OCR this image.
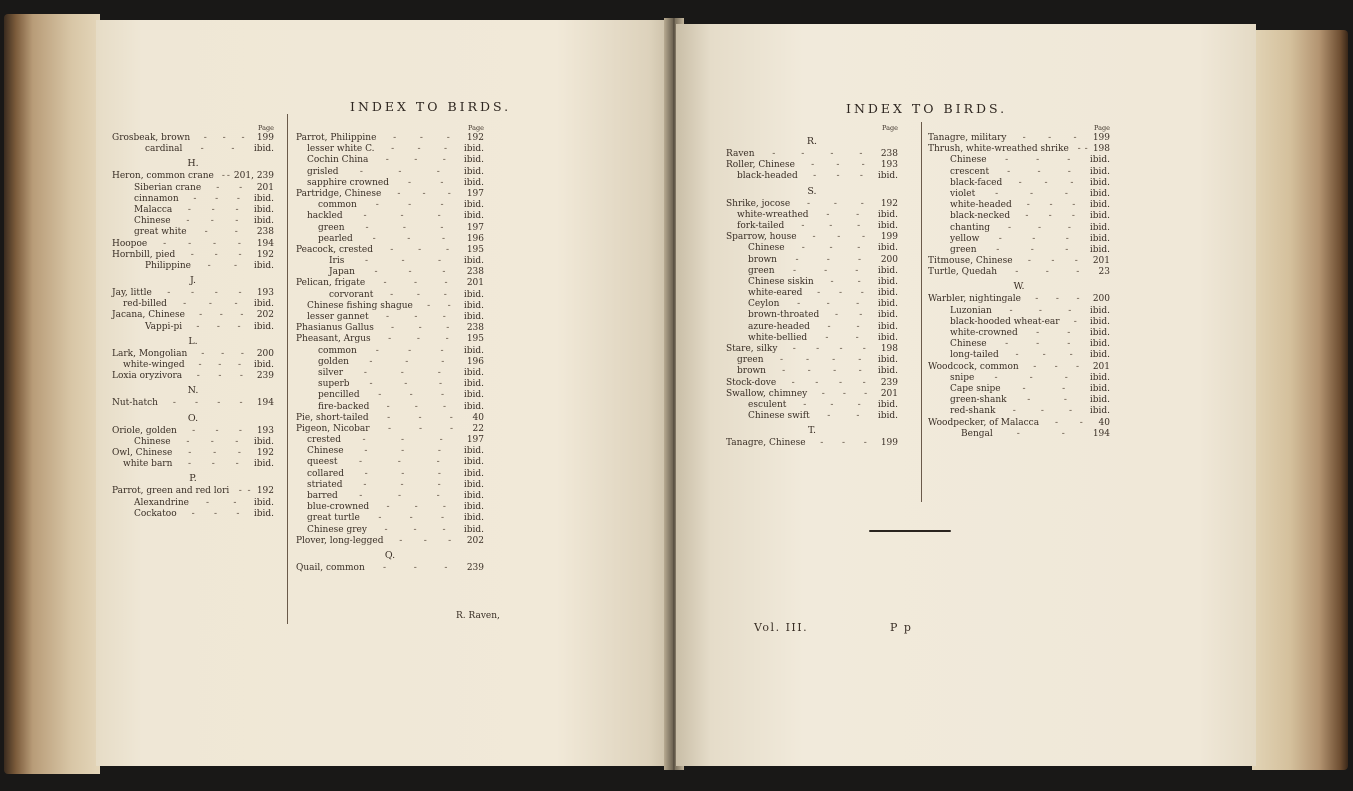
INDEX TO BIRDS.
Page
Grosbeak, brown	199
-
-
-
cardinal	ibid.
-
-
H.
Heron, common crane 201, 239
-
-
Siberian crane	201
-
-
cinnamon	ibid.
-
-
-
Malacca	ibid.
-
-
-
Chinese	ibid.
-
-
-
great white	238
-
-
Hoopoe	194
-
-
-
-
Hornbill, pied	192
-
-
-
Philippine	ibid.
-
-
J.
Jay, little	193
-
-
-
-
red-billed	ibid.
-
-
-
Jacana, Chinese	202
-
-
-
Vappi-pi	ibid.
-
-
-
L.
Lark, Mongolian	200
-
-
-
white-winged	ibid.
-
-
-
Loxia oryzivora	239
-
-
-
N.
Nut-hatch	194
-
-
-
-
O.
Oriole, golden	193
-
-
-
Chinese	ibid.
-
-
-
Owl, Chinese	192
-
-
-
white barn	ibid.
-
-
-
P.
Parrot, green and red lori	192
-
-
Alexandrine	ibid.
-
-
Cockatoo	ibid.
-
-
-
Page
Parrot, Philippine	192
-
-
-
lesser white C.	ibid.
-
-
-
Cochin China	ibid.
-
-
-
grisled	ibid.
-
-
-
sapphire crowned	ibid.
-
-
Partridge, Chinese	197
-
-
-
common	ibid.
-
-
-
hackled	ibid.
-
-
-
green	197
-
-
-
pearled	196
-
-
-
Peacock, crested	195
-
-
-
Iris	ibid.
-
-
-
Japan	238
-
-
-
Pelican, frigate	201
-
-
-
corvorant	ibid.
-
-
-
Chinese fishing shague	ibid.
-
-
lesser gannet	ibid.
-
-
-
Phasianus Gallus	238
-
-
-
Pheasant, Argus	195
-
-
-
common	ibid.
-
-
-
golden	196
-
-
-
silver	ibid.
-
-
-
superb	ibid.
-
-
-
pencilled	ibid.
-
-
-
fire-backed	ibid.
-
-
-
Pie, short-tailed	40
-
-
-
Pigeon, Nicobar	22
-
-
-
crested	197
-
-
-
Chinese	ibid.
-
-
-
queest	ibid.
-
-
-
collared	ibid.
-
-
-
striated	ibid.
-
-
-
barred	ibid.
-
-
-
blue-crowned	ibid.
-
-
-
great turtle	ibid.
-
-
-
Chinese grey	ibid.
-
-
-
Plover, long-legged	202
-
-
-
Q.
Quail, common	239
-
-
-
R. Raven,
INDEX TO BIRDS.
Page
R.
Raven	238
-
-
-
-
Roller, Chinese	193
-
-
-
black-headed	ibid.
-
-
-
S.
Shrike, jocose	192
-
-
-
white-wreathed	ibid.
-
-
fork-tailed	ibid.
-
-
-
Sparrow, house	199
-
-
-
Chinese	ibid.
-
-
-
brown	200
-
-
-
green	ibid.
-
-
-
Chinese siskin	ibid.
-
-
white-eared	ibid.
-
-
-
Ceylon	ibid.
-
-
-
brown-throated	ibid.
-
-
azure-headed	ibid.
-
-
white-bellied	ibid.
-
-
Stare, silky	198
-
-
-
-
green	ibid.
-
-
-
-
brown	ibid.
-
-
-
-
Stock-dove	239
-
-
-
-
Swallow, chimney	201
-
-
-
esculent	ibid.
-
-
-
Chinese swift	ibid.
-
-
T.
Tanagre, Chinese	199
-
-
-
Page
Tanagre, military	199
-
-
-
Thrush, white-wreathed shrike	198
-
-
Chinese	ibid.
-
-
-
crescent	ibid.
-
-
-
black-faced	ibid.
-
-
-
violet	ibid.
-
-
-
white-headed	ibid.
-
-
-
black-necked	ibid.
-
-
-
chanting	ibid.
-
-
-
yellow	ibid.
-
-
-
green	ibid.
-
-
-
Titmouse, Chinese	201
-
-
-
Turtle, Quedah	23
-
-
-
W.
Warbler, nightingale	200
-
-
-
Luzonian	ibid.
-
-
-
black-hooded wheat-ear	ibid.
-
white-crowned	ibid.
-
-
Chinese	ibid.
-
-
-
long-tailed	ibid.
-
-
-
Woodcock, common	201
-
-
-
snipe	ibid.
-
-
-
Cape snipe	ibid.
-
-
green-shank	ibid.
-
-
red-shank	ibid.
-
-
-
Woodpecker, of Malacca	40
-
-
Bengal	194
-
-
Vol. III.	P p
